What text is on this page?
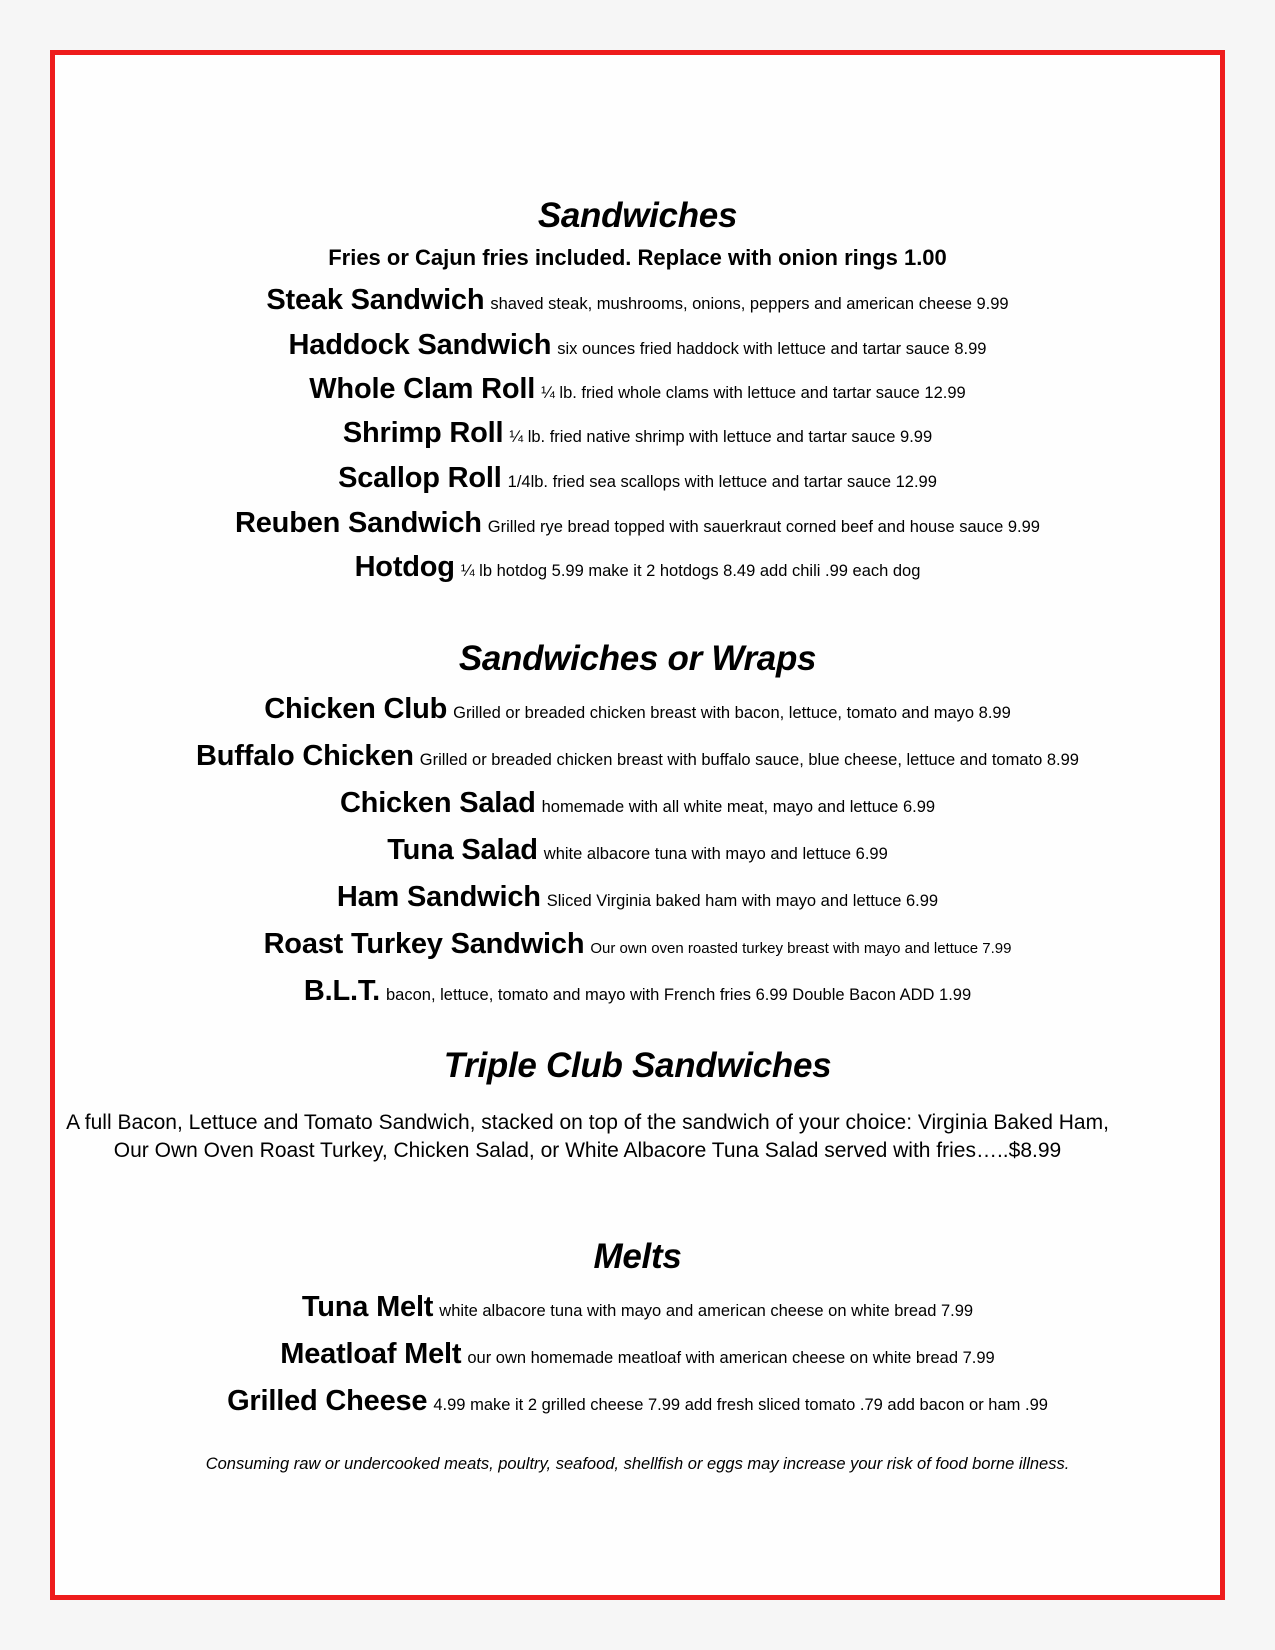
Sandwiches
Fries or Cajun fries included. Replace with onion rings 1.00
Steak Sandwich shaved steak, mushrooms, onions, peppers and american cheese 9.99
Haddock Sandwich six ounces fried haddock with lettuce and tartar sauce 8.99
Whole Clam Roll ¼ lb. fried whole clams with lettuce and tartar sauce 12.99
Shrimp Roll ¼ lb. fried native shrimp with lettuce and tartar sauce 9.99
Scallop Roll 1/4lb. fried sea scallops with lettuce and tartar sauce 12.99
Reuben Sandwich Grilled rye bread topped with sauerkraut corned beef and house sauce 9.99
Hotdog ¼ lb hotdog 5.99 make it 2 hotdogs 8.49 add chili .99 each dog
Sandwiches or Wraps
Chicken Club Grilled or breaded chicken breast with bacon, lettuce, tomato and mayo 8.99
Buffalo Chicken Grilled or breaded chicken breast with buffalo sauce, blue cheese, lettuce and tomato 8.99
Chicken Salad homemade with all white meat, mayo and lettuce 6.99
Tuna Salad white albacore tuna with mayo and lettuce 6.99
Ham Sandwich Sliced Virginia baked ham with mayo and lettuce 6.99
Roast Turkey Sandwich Our own oven roasted turkey breast with mayo and lettuce 7.99
B.L.T. bacon, lettuce, tomato and mayo with French fries 6.99 Double Bacon ADD 1.99
Triple Club Sandwiches
A full Bacon, Lettuce and Tomato Sandwich, stacked on top of the sandwich of your choice: Virginia Baked Ham, Our Own Oven Roast Turkey, Chicken Salad, or White Albacore Tuna Salad served with fries…..$8.99
Melts
Tuna Melt white albacore tuna with mayo and american cheese on white bread 7.99
Meatloaf Melt our own homemade meatloaf with american cheese on white bread 7.99
Grilled Cheese 4.99 make it 2 grilled cheese 7.99 add fresh sliced tomato .79 add bacon or ham .99
Consuming raw or undercooked meats, poultry, seafood, shellfish or eggs may increase your risk of food borne illness.
